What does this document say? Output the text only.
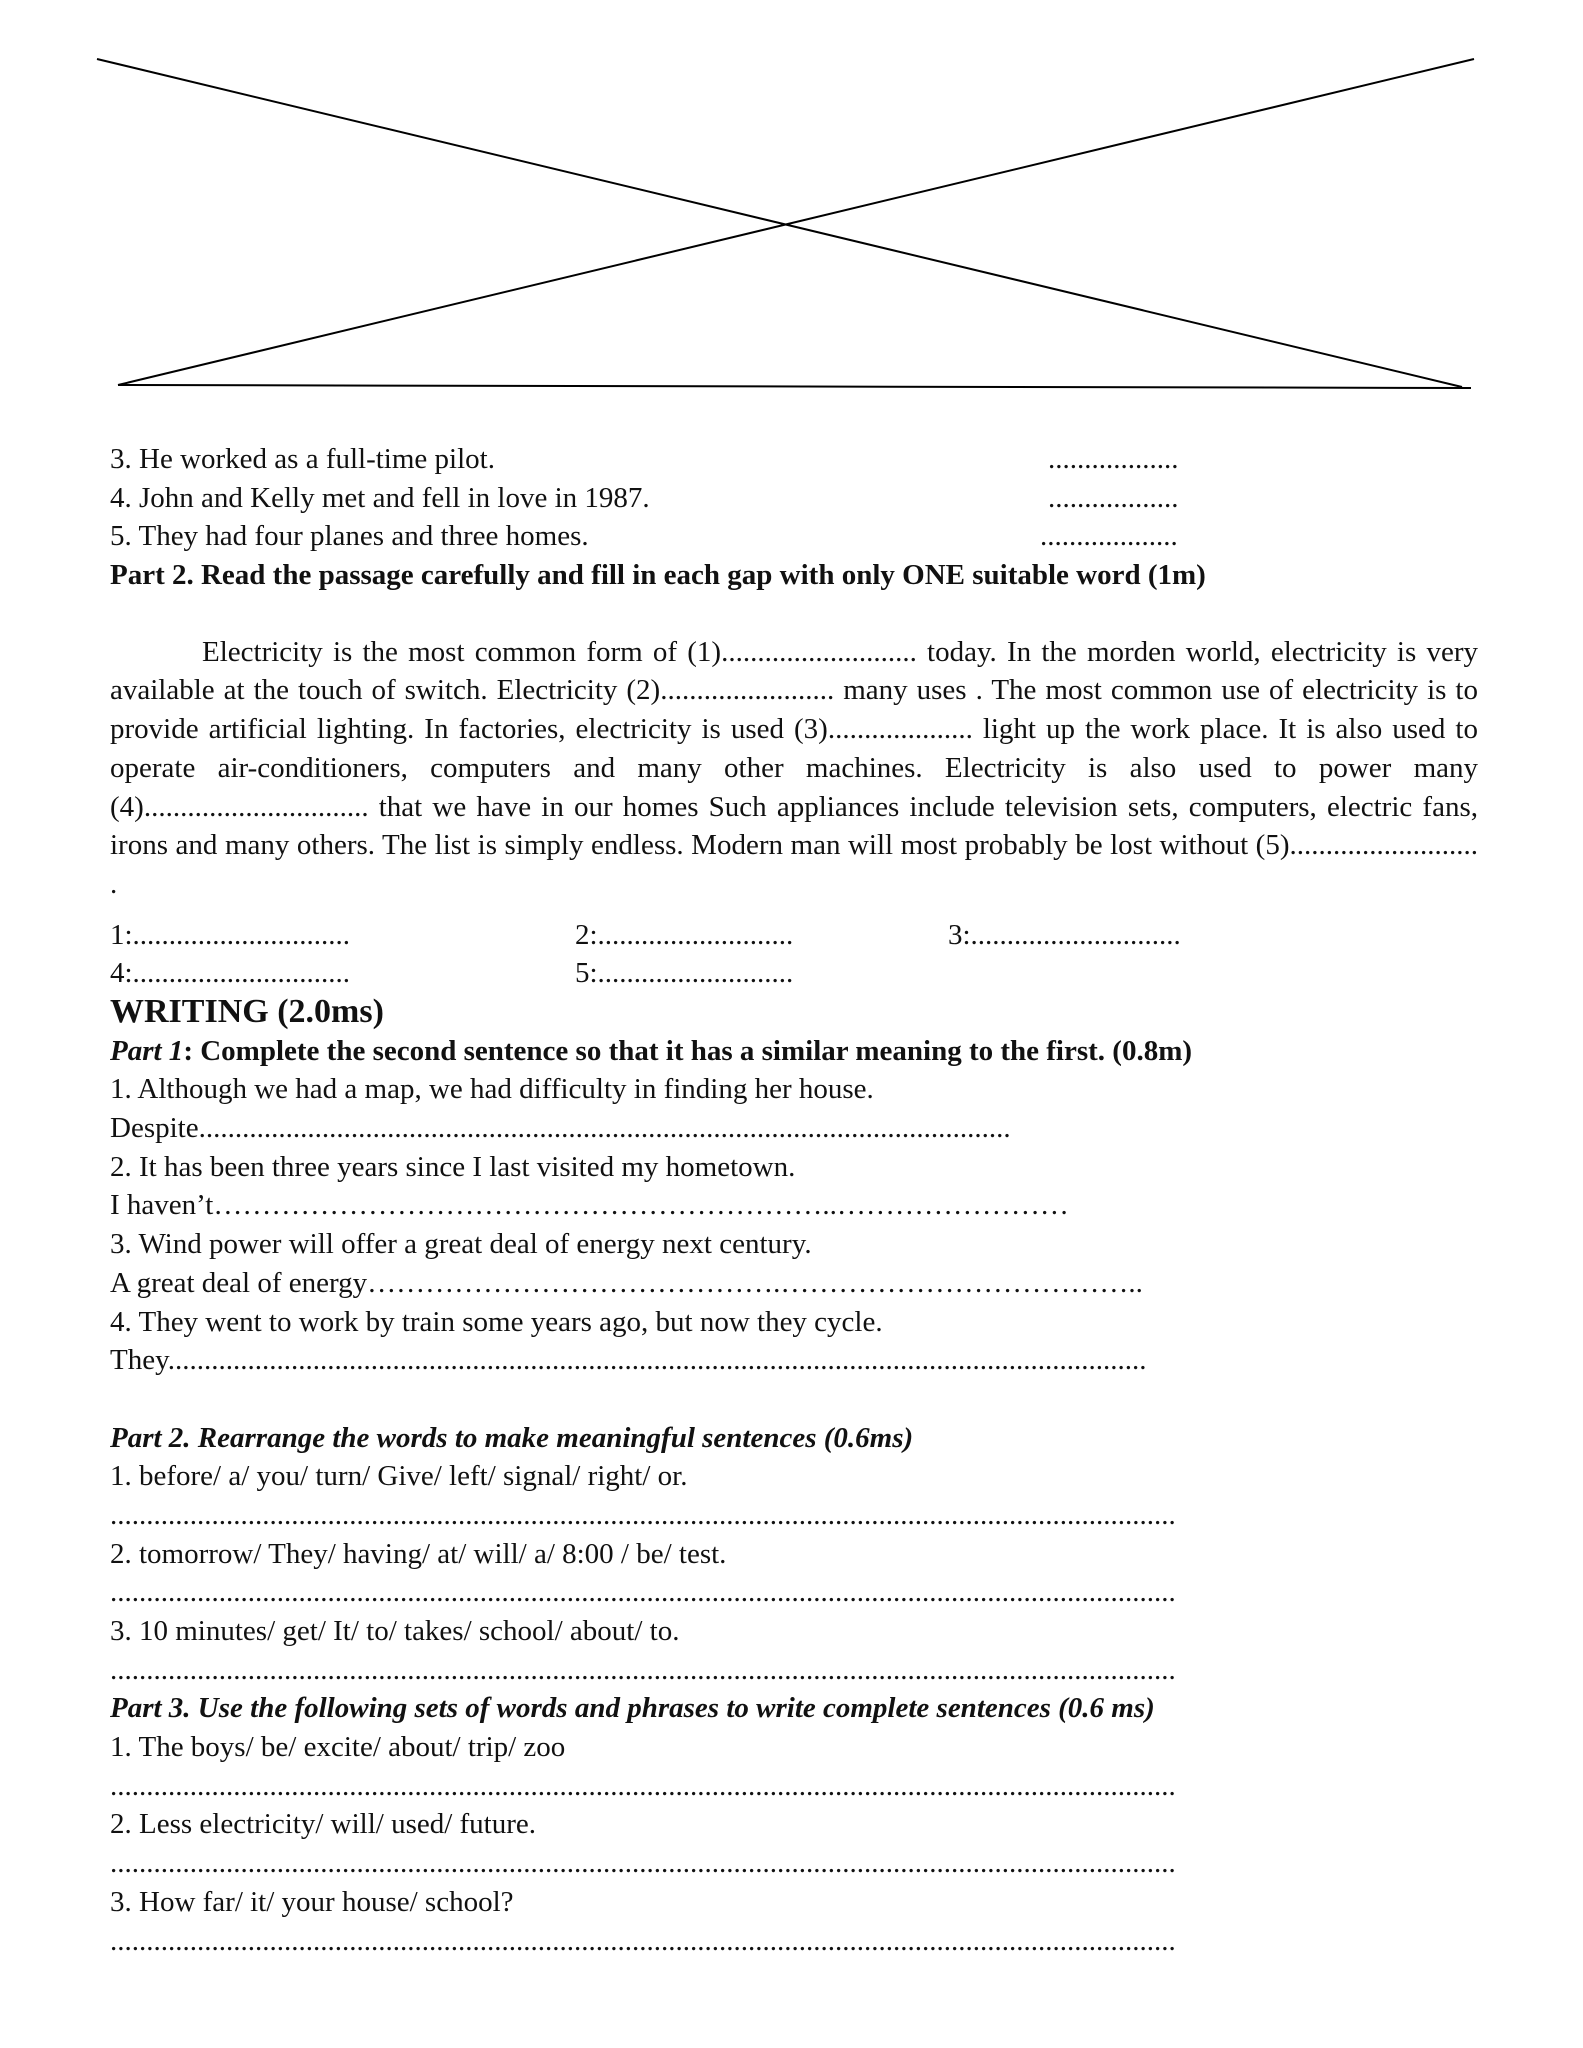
3. He worked as a full-time pilot.	..................
4. John and Kelly met and fell in love in 1987.	..................
5. They had four planes and three homes.	...................
Part 2. Read the passage carefully and fill in each gap with only ONE suitable word (1m)

Electricity is the most common form of (1)........................... today. In the morden world, electricity is very available at the touch of switch. Electricity (2)........................ many uses . The most common use of electricity is to provide artificial lighting. In factories, electricity is used (3).................... light up the work place. It is also used to operate air-conditioners, computers and many other machines. Electricity is also used to power many (4)............................... that we have in our homes Such appliances include television sets, computers, electric fans, irons and many others. The list is simply endless. Modern man will most probably be lost without (5).......................... .

1:..............................	2:...........................	3:.............................
4:..............................	5:...........................
WRITING (2.0ms)
Part 1: Complete the second sentence so that it has a similar meaning to the first. (0.8m)
1. Although we had a map, we had difficulty in finding her house.
Despite................................................................................................................
2. It has been three years since I last visited my hometown.
I haven’t………………………………………………………..……………………
3. Wind power will offer a great deal of energy next century.
A great deal of energy…………………………………….………………………………..
4. They went to work by train some years ago, but now they cycle.
They.......................................................................................................................................
Part 2. Rearrange the words to make meaningful sentences (0.6ms)
1. before/ a/ you/ turn/ Give/ left/ signal/ right/ or.
...................................................................................................................................................
2. tomorrow/ They/ having/ at/ will/ a/ 8:00 / be/ test.
...................................................................................................................................................
3. 10 minutes/ get/ It/ to/ takes/ school/ about/ to.
...................................................................................................................................................
Part 3. Use the following sets of words and phrases to write complete sentences (0.6 ms)
1. The boys/ be/ excite/ about/ trip/ zoo
...................................................................................................................................................
2. Less electricity/ will/ used/ future.
...................................................................................................................................................
3. How far/ it/ your house/ school?
...................................................................................................................................................
